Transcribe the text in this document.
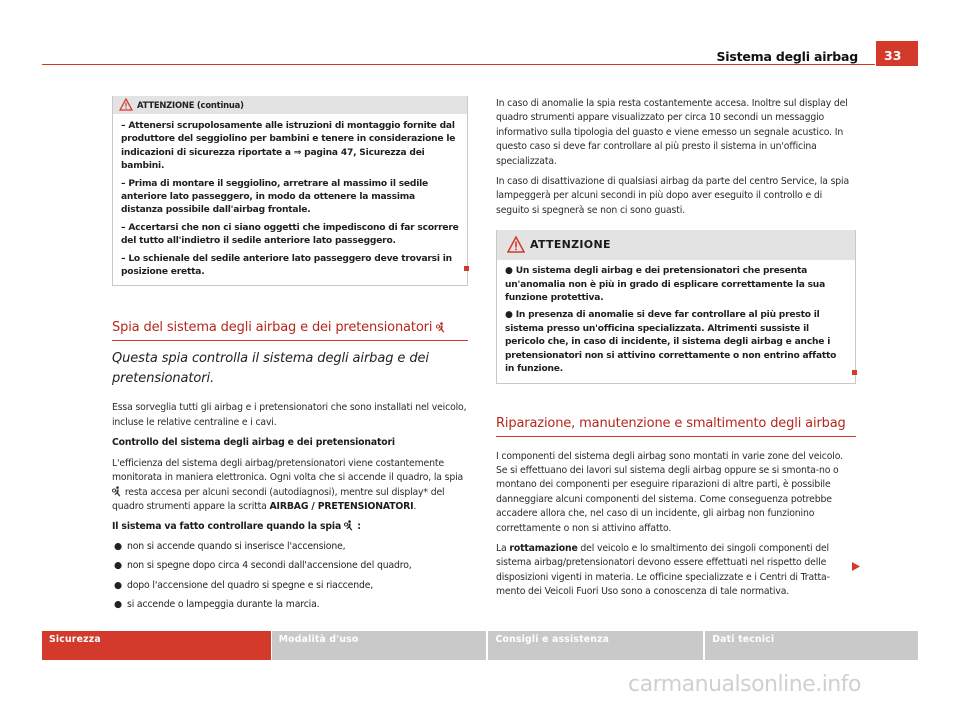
Sistema degli airbag	33
ATTENZIONE (continua)
– Attenersi scrupolosamente alle istruzioni di montaggio fornite dal produttore del seggiolino per bambini e tenere in considerazione le indicazioni di sicurezza riportate a ⇒ pagina 47, Sicurezza dei bambini.
– Prima di montare il seggiolino, arretrare al massimo il sedile anteriore lato passeggero, in modo da ottenere la massima distanza possibile dall'airbag frontale.
– Accertarsi che non ci siano oggetti che impediscono di far scorrere del tutto all'indietro il sedile anteriore lato passeggero.
– Lo schienale del sedile anteriore lato passeggero deve trovarsi in posizione eretta.
Spia del sistema degli airbag e dei pretensionatori
Questa spia controlla il sistema degli airbag e dei pretensionatori.
Essa sorveglia tutti gli airbag e i pretensionatori che sono installati nel veicolo, incluse le relative centraline e i cavi.
Controllo del sistema degli airbag e dei pretensionatori
L'efficienza del sistema degli airbag/pretensionatori viene costantemente monitorata in maniera elettronica. Ogni volta che si accende il quadro, la spia  resta accesa per alcuni secondi (autodiagnosi), mentre sul display* del quadro strumenti appare la scritta AIRBAG / PRETENSIONATORI.
Il sistema va fatto controllare quando la spia :
● non si accende quando si inserisce l'accensione,
● non si spegne dopo circa 4 secondi dall'accensione del quadro,
● dopo l'accensione del quadro si spegne e si riaccende,
● si accende o lampeggia durante la marcia.
In caso di anomalie la spia resta costantemente accesa. Inoltre sul display del quadro strumenti appare visualizzato per circa 10 secondi un messaggio informativo sulla tipologia del guasto e viene emesso un segnale acustico. In questo caso si deve far controllare al più presto il sistema in un'officina specializzata.
In caso di disattivazione di qualsiasi airbag da parte del centro Service, la spia lampeggerà per alcuni secondi in più dopo aver eseguito il controllo e di seguito si spegnerà se non ci sono guasti.
ATTENZIONE
● Un sistema degli airbag e dei pretensionatori che presenta un'anomalia non è più in grado di esplicare correttamente la sua funzione protettiva.
● In presenza di anomalie si deve far controllare al più presto il sistema presso un'officina specializzata. Altrimenti sussiste il pericolo che, in caso di incidente, il sistema degli airbag e anche i pretensionatori non si attivino correttamente o non entrino affatto in funzione.
Riparazione, manutenzione e smaltimento degli airbag
I componenti del sistema degli airbag sono montati in varie zone del veicolo. Se si effettuano dei lavori sul sistema degli airbag oppure se si smonta-no o montano dei componenti per eseguire riparazioni di altre parti, è possibile danneggiare alcuni componenti del sistema. Come conseguenza potrebbe accadere allora che, nel caso di un incidente, gli airbag non funzionino correttamente o non si attivino affatto.
La rottamazione del veicolo e lo smaltimento dei singoli componenti del sistema airbag/pretensionatori devono essere effettuati nel rispetto delle disposizioni vigenti in materia. Le officine specializzate e i Centri di Tratta-mento dei Veicoli Fuori Uso sono a conoscenza di tale normativa.
Sicurezza	Modalità d'uso	Consigli e assistenza	Dati tecnici
carmanualsonline.info
